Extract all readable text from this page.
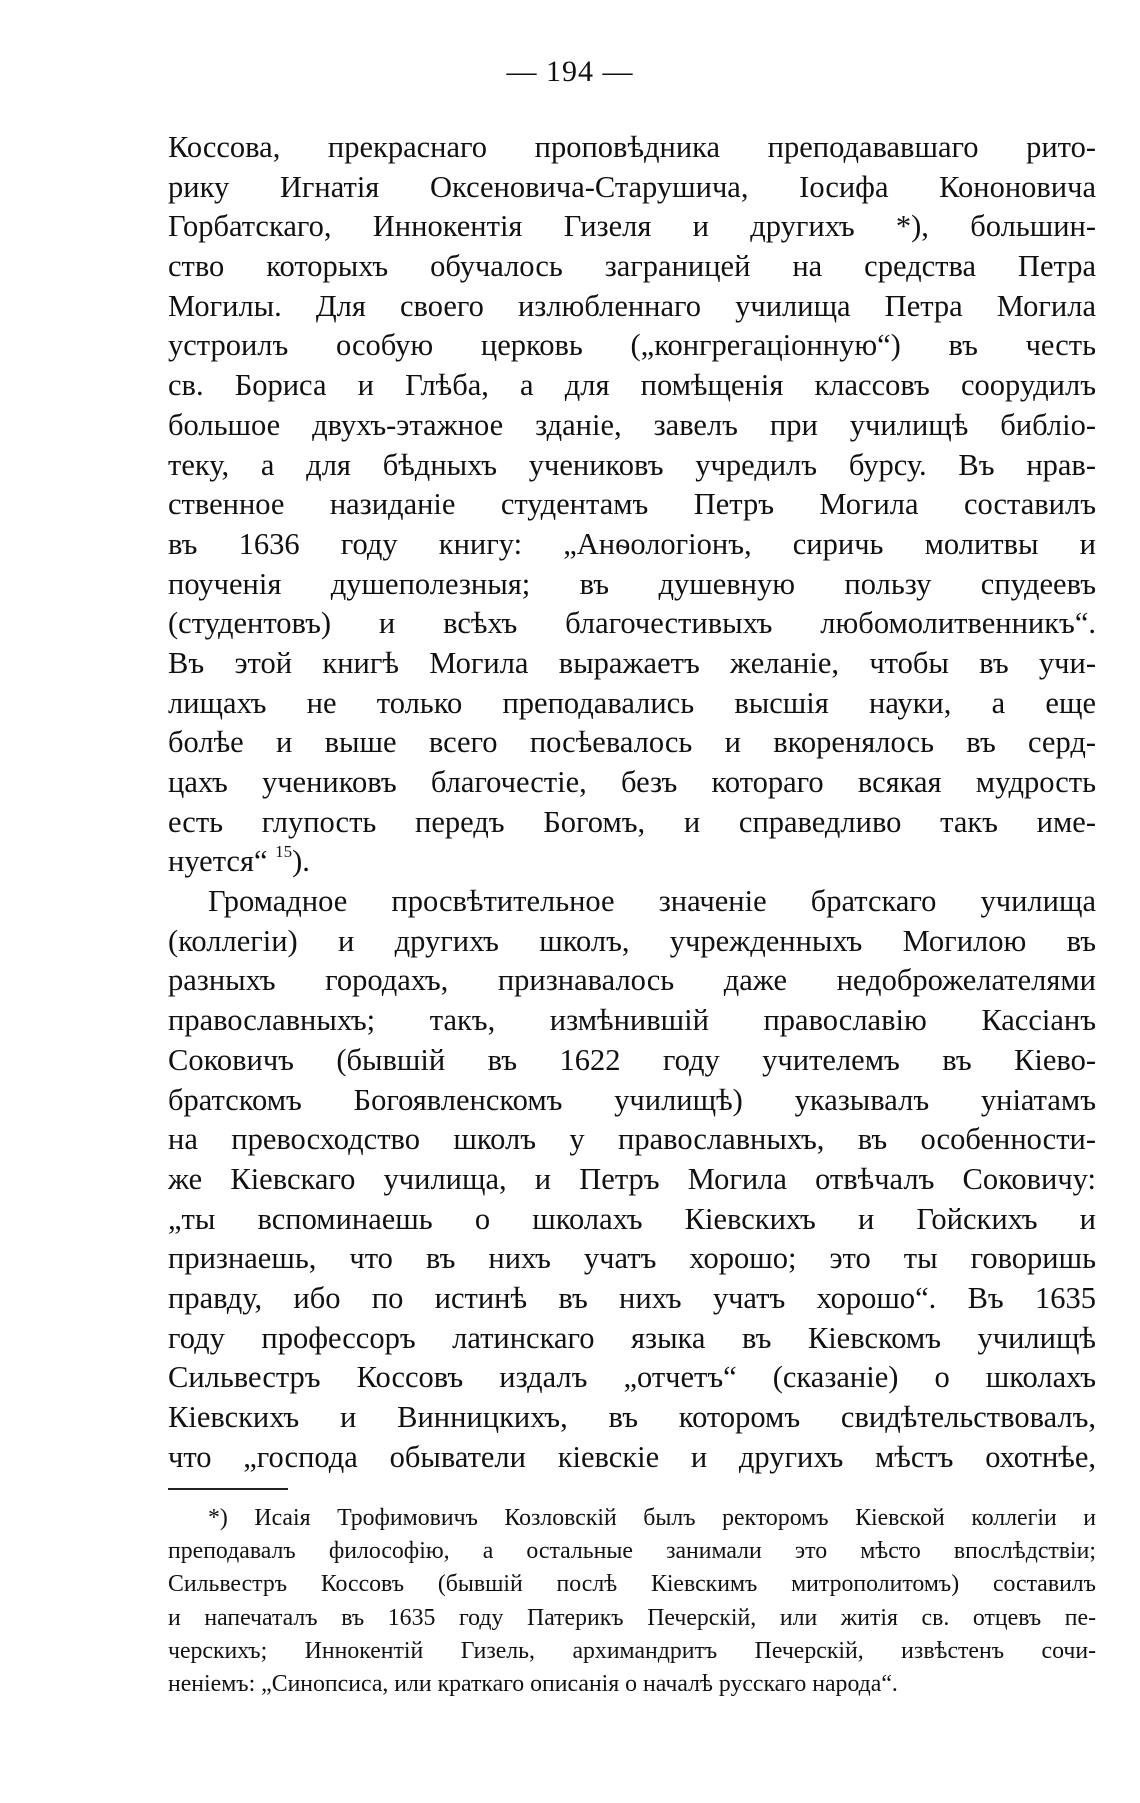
— 194 —
Коссова, прекраснаго проповѣдника преподававшаго рито-
рику Игнатія Оксеновича-Старушича, Іосифа Кононовича
Горбатскаго, Иннокентія Гизеля и другихъ *), большин-
ство которыхъ обучалось заграницей на средства Петра
Могилы. Для своего излюбленнаго училища Петра Могила
устроилъ особую церковь („конгрегаціонную“) въ честь
св. Бориса и Глѣба, а для помѣщенія классовъ соорудилъ
большое двухъ-этажное зданіе, завелъ при училищѣ библіо-
теку, а для бѣдныхъ учениковъ учредилъ бурсу. Въ нрав-
ственное назиданіе студентамъ Петръ Могила составилъ
въ 1636 году книгу: „Анѳологіонъ, сиричь молитвы и
поученія душеполезныя; въ душевную пользу спудеевъ
(студентовъ) и всѣхъ благочестивыхъ любомолитвенникъ“.
Въ этой книгѣ Могила выражаетъ желаніе, чтобы въ учи-
лищахъ не только преподавались высшія науки, а еще
болѣе и выше всего посѣевалось и вкоренялось въ серд-
цахъ учениковъ благочестіе, безъ котораго всякая мудрость
есть глупость передъ Богомъ, и справедливо такъ име-
нуется“ $^{15}$).
Громадное просвѣтительное значеніе братскаго училища
(коллегіи) и другихъ школъ, учрежденныхъ Могилою въ
разныхъ городахъ, признавалось даже недоброжелателями
православныхъ; такъ, измѣнившій православію Кассіанъ
Соковичъ (бывшій въ 1622 году учителемъ въ Кіево-
братскомъ Богоявленскомъ училищѣ) указывалъ уніатамъ
на превосходство школъ у православныхъ, въ особенности-
же Кіевскаго училища, и Петръ Могила отвѣчалъ Соковичу:
„ты вспоминаешь о школахъ Кіевскихъ и Гойскихъ и
признаешь, что въ нихъ учатъ хорошо; это ты говоришь
правду, ибо по истинѣ въ нихъ учатъ хорошо“. Въ 1635
году профессоръ латинскаго языка въ Кіевскомъ училищѣ
Сильвестръ Коссовъ издалъ „отчетъ“ (сказаніе) о школахъ
Кіевскихъ и Винницкихъ, въ которомъ свидѣтельствовалъ,
что „господа обыватели кіевскіе и другихъ мѣстъ охотнѣе,
*) Исаія Трофимовичъ Козловскій былъ ректоромъ Кіевской коллегіи и
преподавалъ философію, а остальные занимали это мѣсто впослѣдствіи;
Сильвестръ Коссовъ (бывшій послѣ Кіевскимъ митрополитомъ) составилъ
и напечаталъ въ 1635 году Патерикъ Печерскій, или житія св. отцевъ пе-
черскихъ; Иннокентій Гизель, архимандритъ Печерскій, извѣстенъ сочи-
неніемъ: „Синопсиса, или краткаго описанія о началѣ русскаго народа“.
